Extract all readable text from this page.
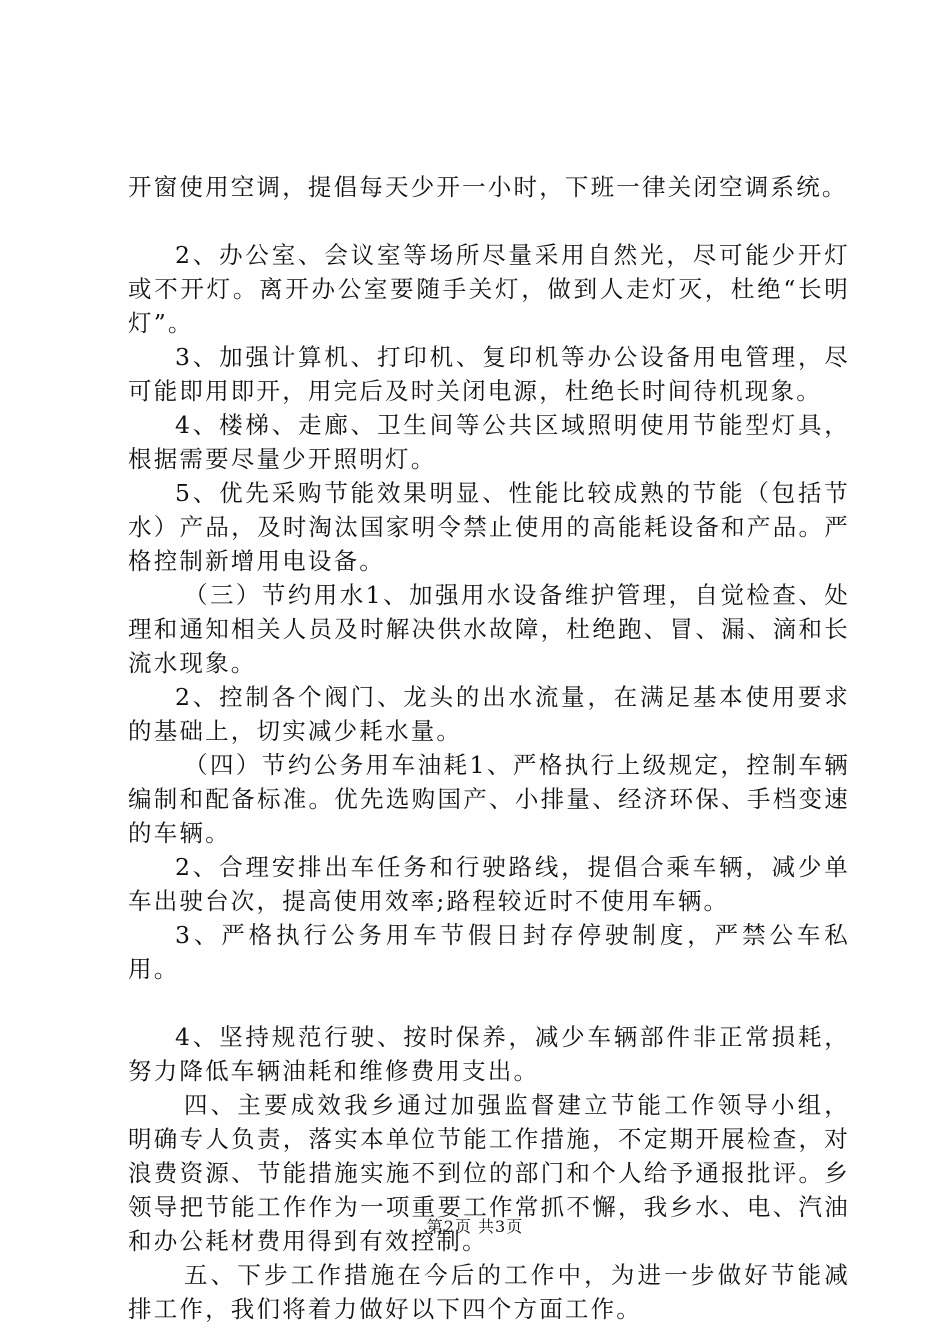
开窗使用空调，提倡每天少开一小时，下班一律关闭空调系统。

2、办公室、会议室等场所尽量采用自然光，尽可能少开灯或不开灯。离开办公室要随手关灯，做到人走灯灭，杜绝“长明灯”。

3、加强计算机、打印机、复印机等办公设备用电管理，尽可能即用即开，用完后及时关闭电源，杜绝长时间待机现象。

4、楼梯、走廊、卫生间等公共区域照明使用节能型灯具，根据需要尽量少开照明灯。

5、优先采购节能效果明显、性能比较成熟的节能（包括节水）产品，及时淘汰国家明令禁止使用的高能耗设备和产品。严格控制新增用电设备。

（三）节约用水1、加强用水设备维护管理，自觉检查、处理和通知相关人员及时解决供水故障，杜绝跑、冒、漏、滴和长流水现象。

2、控制各个阀门、龙头的出水流量，在满足基本使用要求的基础上，切实减少耗水量。

（四）节约公务用车油耗1、严格执行上级规定，控制车辆编制和配备标准。优先选购国产、小排量、经济环保、手档变速的车辆。

2、合理安排出车任务和行驶路线，提倡合乘车辆，减少单车出驶台次，提高使用效率;路程较近时不使用车辆。

3、严格执行公务用车节假日封存停驶制度，严禁公车私用。

4、坚持规范行驶、按时保养，减少车辆部件非正常损耗，努力降低车辆油耗和维修费用支出。

四、主要成效我乡通过加强监督建立节能工作领导小组，明确专人负责，落实本单位节能工作措施，不定期开展检查，对浪费资源、节能措施实施不到位的部门和个人给予通报批评。乡领导把节能工作作为一项重要工作常抓不懈，我乡水、电、汽油和办公耗材费用得到有效控制。

五、下步工作措施在今后的工作中，为进一步做好节能减排工作，我们将着力做好以下四个方面工作。

第2页 共3页
